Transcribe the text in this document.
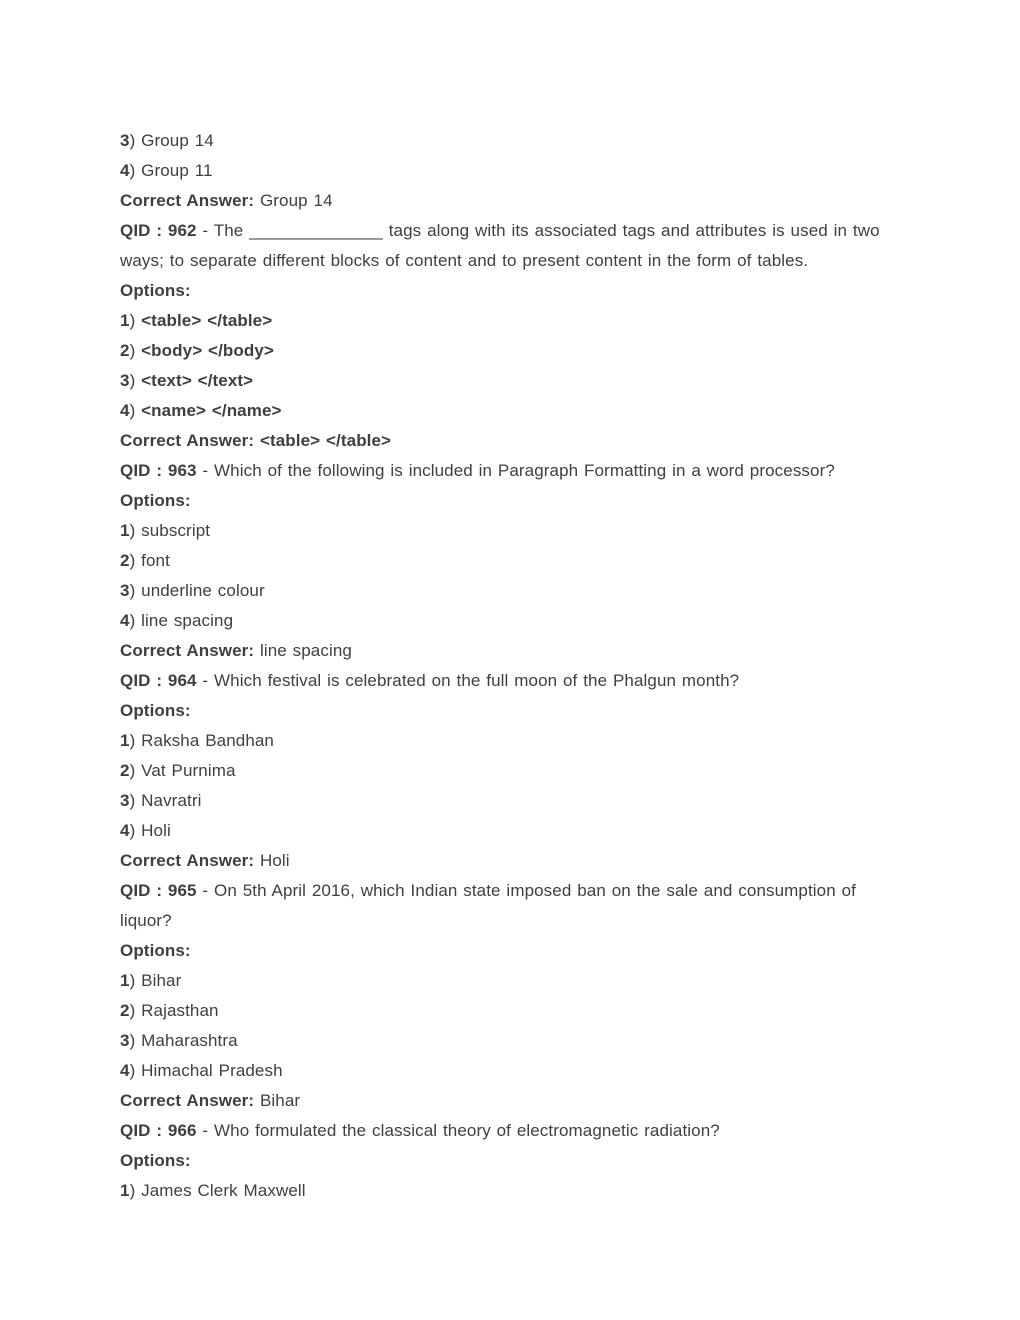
3) Group 14
4) Group 11
Correct Answer: Group 14
QID : 962 - The ______________ tags along with its associated tags and attributes is used in two ways; to separate different blocks of content and to present content in the form of tables.
Options:
1) <table> </table>
2) <body> </body>
3) <text> </text>
4) <name> </name>
Correct Answer: <table> </table>
QID : 963 - Which of the following is included in Paragraph Formatting in a word processor?
Options:
1) subscript
2) font
3) underline colour
4) line spacing
Correct Answer: line spacing
QID : 964 - Which festival is celebrated on the full moon of the Phalgun month?
Options:
1) Raksha Bandhan
2) Vat Purnima
3) Navratri
4) Holi
Correct Answer: Holi
QID : 965 - On 5th April 2016, which Indian state imposed ban on the sale and consumption of liquor?
Options:
1) Bihar
2) Rajasthan
3) Maharashtra
4) Himachal Pradesh
Correct Answer: Bihar
QID : 966 - Who formulated the classical theory of electromagnetic radiation?
Options:
1) James Clerk Maxwell
